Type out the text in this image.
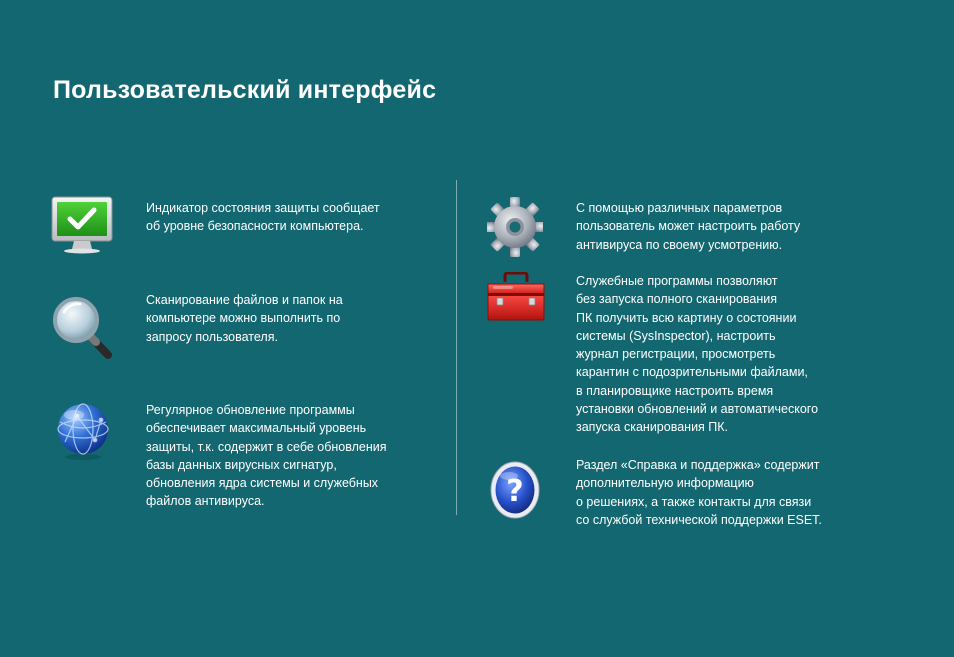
Пользовательский интерфейс

Индикатор состояния защиты сообщает
об уровне безопасности компьютера.

Сканирование файлов и папок на
компьютере можно выполнить по
запросу пользователя.

Регулярное обновление программы
обеспечивает максимальный уровень
защиты, т.к. содержит в себе обновления
базы данных вирусных сигнатур,
обновления ядра системы и служебных
файлов антивируса.

С помощью различных параметров
пользователь может настроить работу
антивируса по своему усмотрению.

Служебные программы позволяют
без запуска полного сканирования
ПК получить всю картину о состоянии
системы (SysInspector), настроить
журнал регистрации, просмотреть
карантин с подозрительными файлами,
в планировщике настроить время
установки обновлений и автоматического
запуска сканирования ПК.

?

Раздел «Справка и поддержка» содержит
дополнительную информацию
о решениях, а также контакты для связи
со службой технической поддержки ESET.
